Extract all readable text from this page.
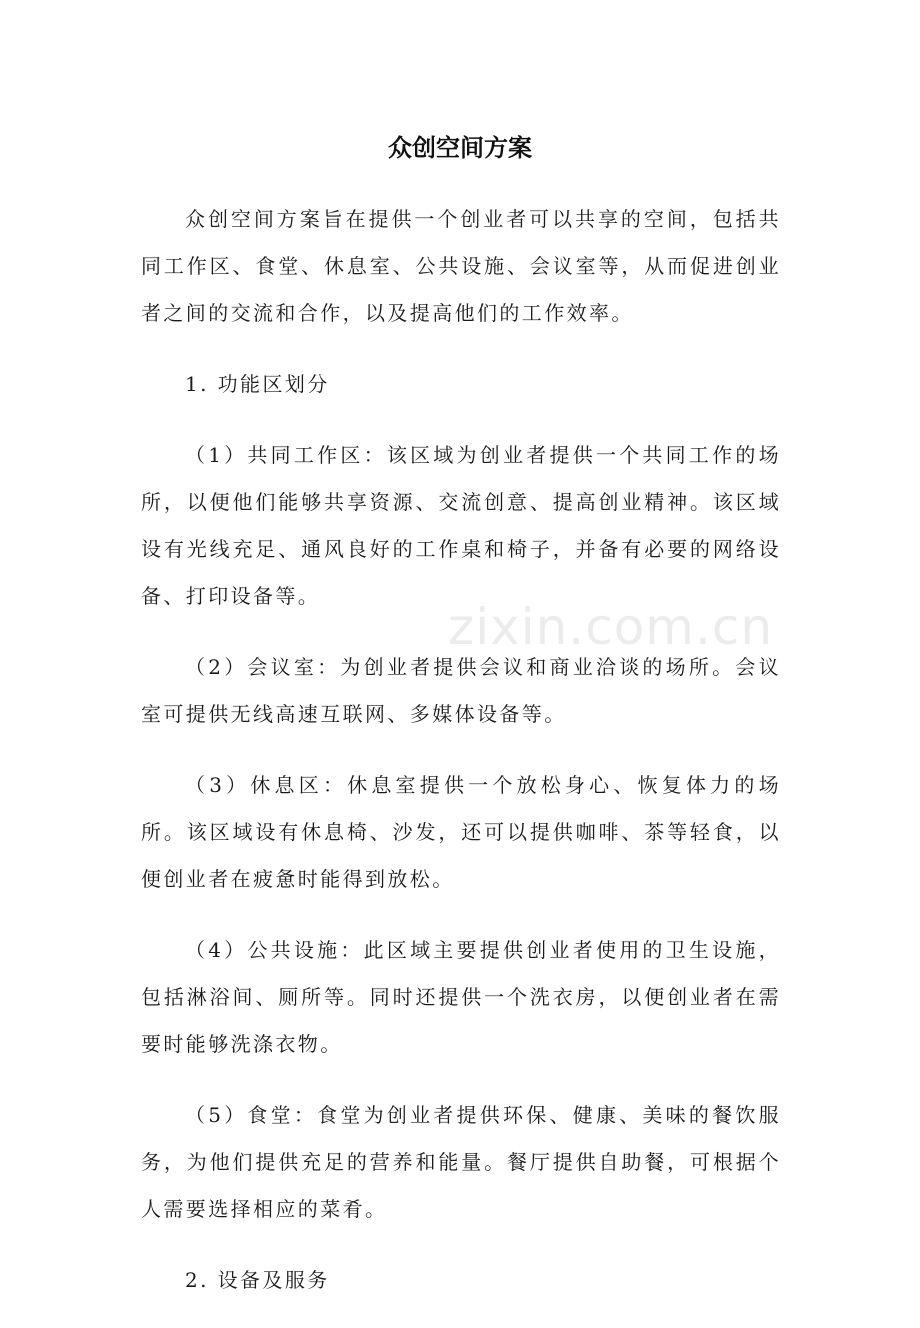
众创空间方案

众创空间方案旨在提供一个创业者可以共享的空间，包括共同工作区、食堂、休息室、公共设施、会议室等，从而促进创业者之间的交流和合作，以及提高他们的工作效率。

1. 功能区划分

（1）共同工作区：该区域为创业者提供一个共同工作的场所，以便他们能够共享资源、交流创意、提高创业精神。该区域设有光线充足、通风良好的工作桌和椅子，并备有必要的网络设备、打印设备等。

（2）会议室：为创业者提供会议和商业洽谈的场所。会议室可提供无线高速互联网、多媒体设备等。

（3）休息区：休息室提供一个放松身心、恢复体力的场所。该区域设有休息椅、沙发，还可以提供咖啡、茶等轻食，以便创业者在疲惫时能得到放松。

（4）公共设施：此区域主要提供创业者使用的卫生设施，包括淋浴间、厕所等。同时还提供一个洗衣房，以便创业者在需要时能够洗涤衣物。

（5）食堂：食堂为创业者提供环保、健康、美味的餐饮服务，为他们提供充足的营养和能量。餐厅提供自助餐，可根据个人需要选择相应的菜肴。

2. 设备及服务

zixin.com.cn
